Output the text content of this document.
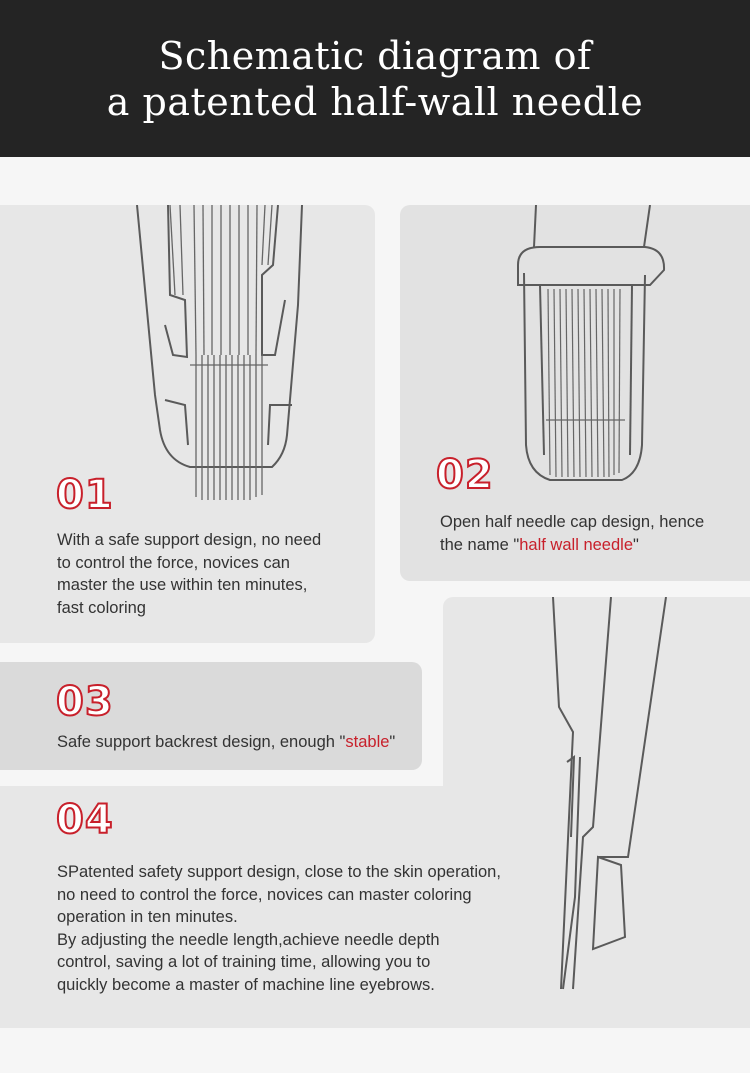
Schematic diagram of
a patented half-wall needle
01
With a safe support design, no need
to control the force, novices can
master the use within ten minutes,
fast coloring
02
Open half needle cap design, hence
the name "half wall needle"
03
Safe support backrest design, enough "stable"
04
SPatented safety support design, close to the skin operation,
no need to control the force, novices can master coloring
operation in ten minutes.
By adjusting the needle length,achieve needle depth
control, saving a lot of training time, allowing you to
quickly become a master of machine line eyebrows.
